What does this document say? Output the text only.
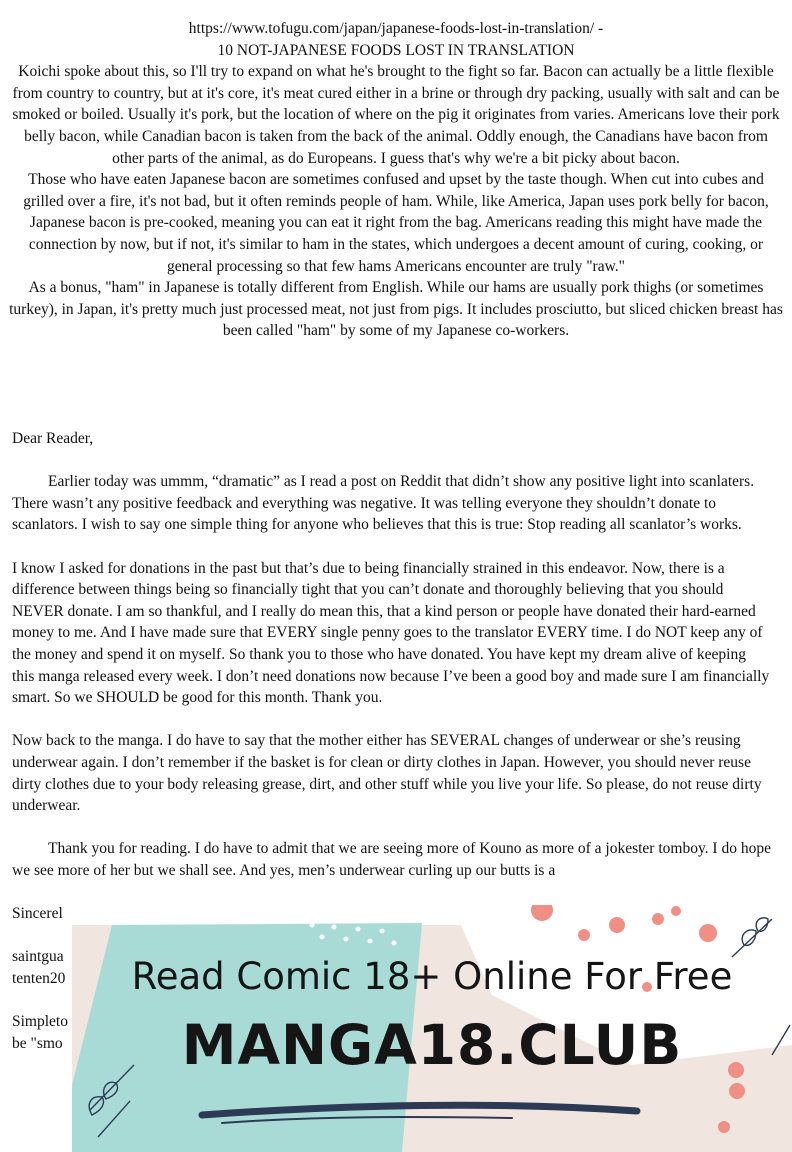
https://www.tofugu.com/japan/japanese-foods-lost-in-translation/ -

10 NOT-JAPANESE FOODS LOST IN TRANSLATION

Koichi spoke about this, so I'll try to expand on what he's brought to the fight so far. Bacon can actually be a little flexible from country to country, but at it's core, it's meat cured either in a brine or through dry packing, usually with salt and can be smoked or boiled. Usually it's pork, but the location of where on the pig it originates from varies. Americans love their pork belly bacon, while Canadian bacon is taken from the back of the animal. Oddly enough, the Canadians have bacon from other parts of the animal, as do Europeans. I guess that's why we're a bit picky about bacon.

Those who have eaten Japanese bacon are sometimes confused and upset by the taste though. When cut into cubes and grilled over a fire, it's not bad, but it often reminds people of ham. While, like America, Japan uses pork belly for bacon, Japanese bacon is pre-cooked, meaning you can eat it right from the bag. Americans reading this might have made the connection by now, but if not, it's similar to ham in the states, which undergoes a decent amount of curing, cooking, or general processing so that few hams Americans encounter are truly "raw."

As a bonus, "ham" in Japanese is totally different from English. While our hams are usually pork thighs (or sometimes turkey), in Japan, it's pretty much just processed meat, not just from pigs. It includes prosciutto, but sliced chicken breast has been called "ham" by some of my Japanese co-workers.

Dear Reader,

Earlier today was ummm, “dramatic” as I read a post on Reddit that didn’t show any positive light into scanlaters. There wasn’t any positive feedback and everything was negative. It was telling everyone they shouldn’t donate to scanlators. I wish to say one simple thing for anyone who believes that this is true: Stop reading all scanlator’s works.

I know I asked for donations in the past but that’s due to being financially strained in this endeavor. Now, there is a difference between things being so financially tight that you can’t donate and thoroughly believing that you should NEVER donate. I am so thankful, and I really do mean this, that a kind person or people have donated their hard-earned money to me. And I have made sure that EVERY single penny goes to the translator EVERY time. I do NOT keep any of the money and spend it on myself. So thank you to those who have donated. You have kept my dream alive of keeping this manga released every week. I don’t need donations now because I’ve been a good boy and made sure I am financially smart. So we SHOULD be good for this month. Thank you.

Now back to the manga. I do have to say that the mother either has SEVERAL changes of underwear or she’s reusing underwear again. I don’t remember if the basket is for clean or dirty clothes in Japan. However, you should never reuse dirty clothes due to your body releasing grease, dirt, and other stuff while you live your life. So please, do not reuse dirty underwear.

Thank you for reading. I do have to admit that we are seeing more of Kouno as more of a jokester tomboy. I do hope we see more of her but we shall see. And yes, men’s underwear curling up our butts is a

Sincerel

saintgua

tenten20

Simpleto

be "smo

Read Comic 18+ Online For Free
MANGA18.CLUB
